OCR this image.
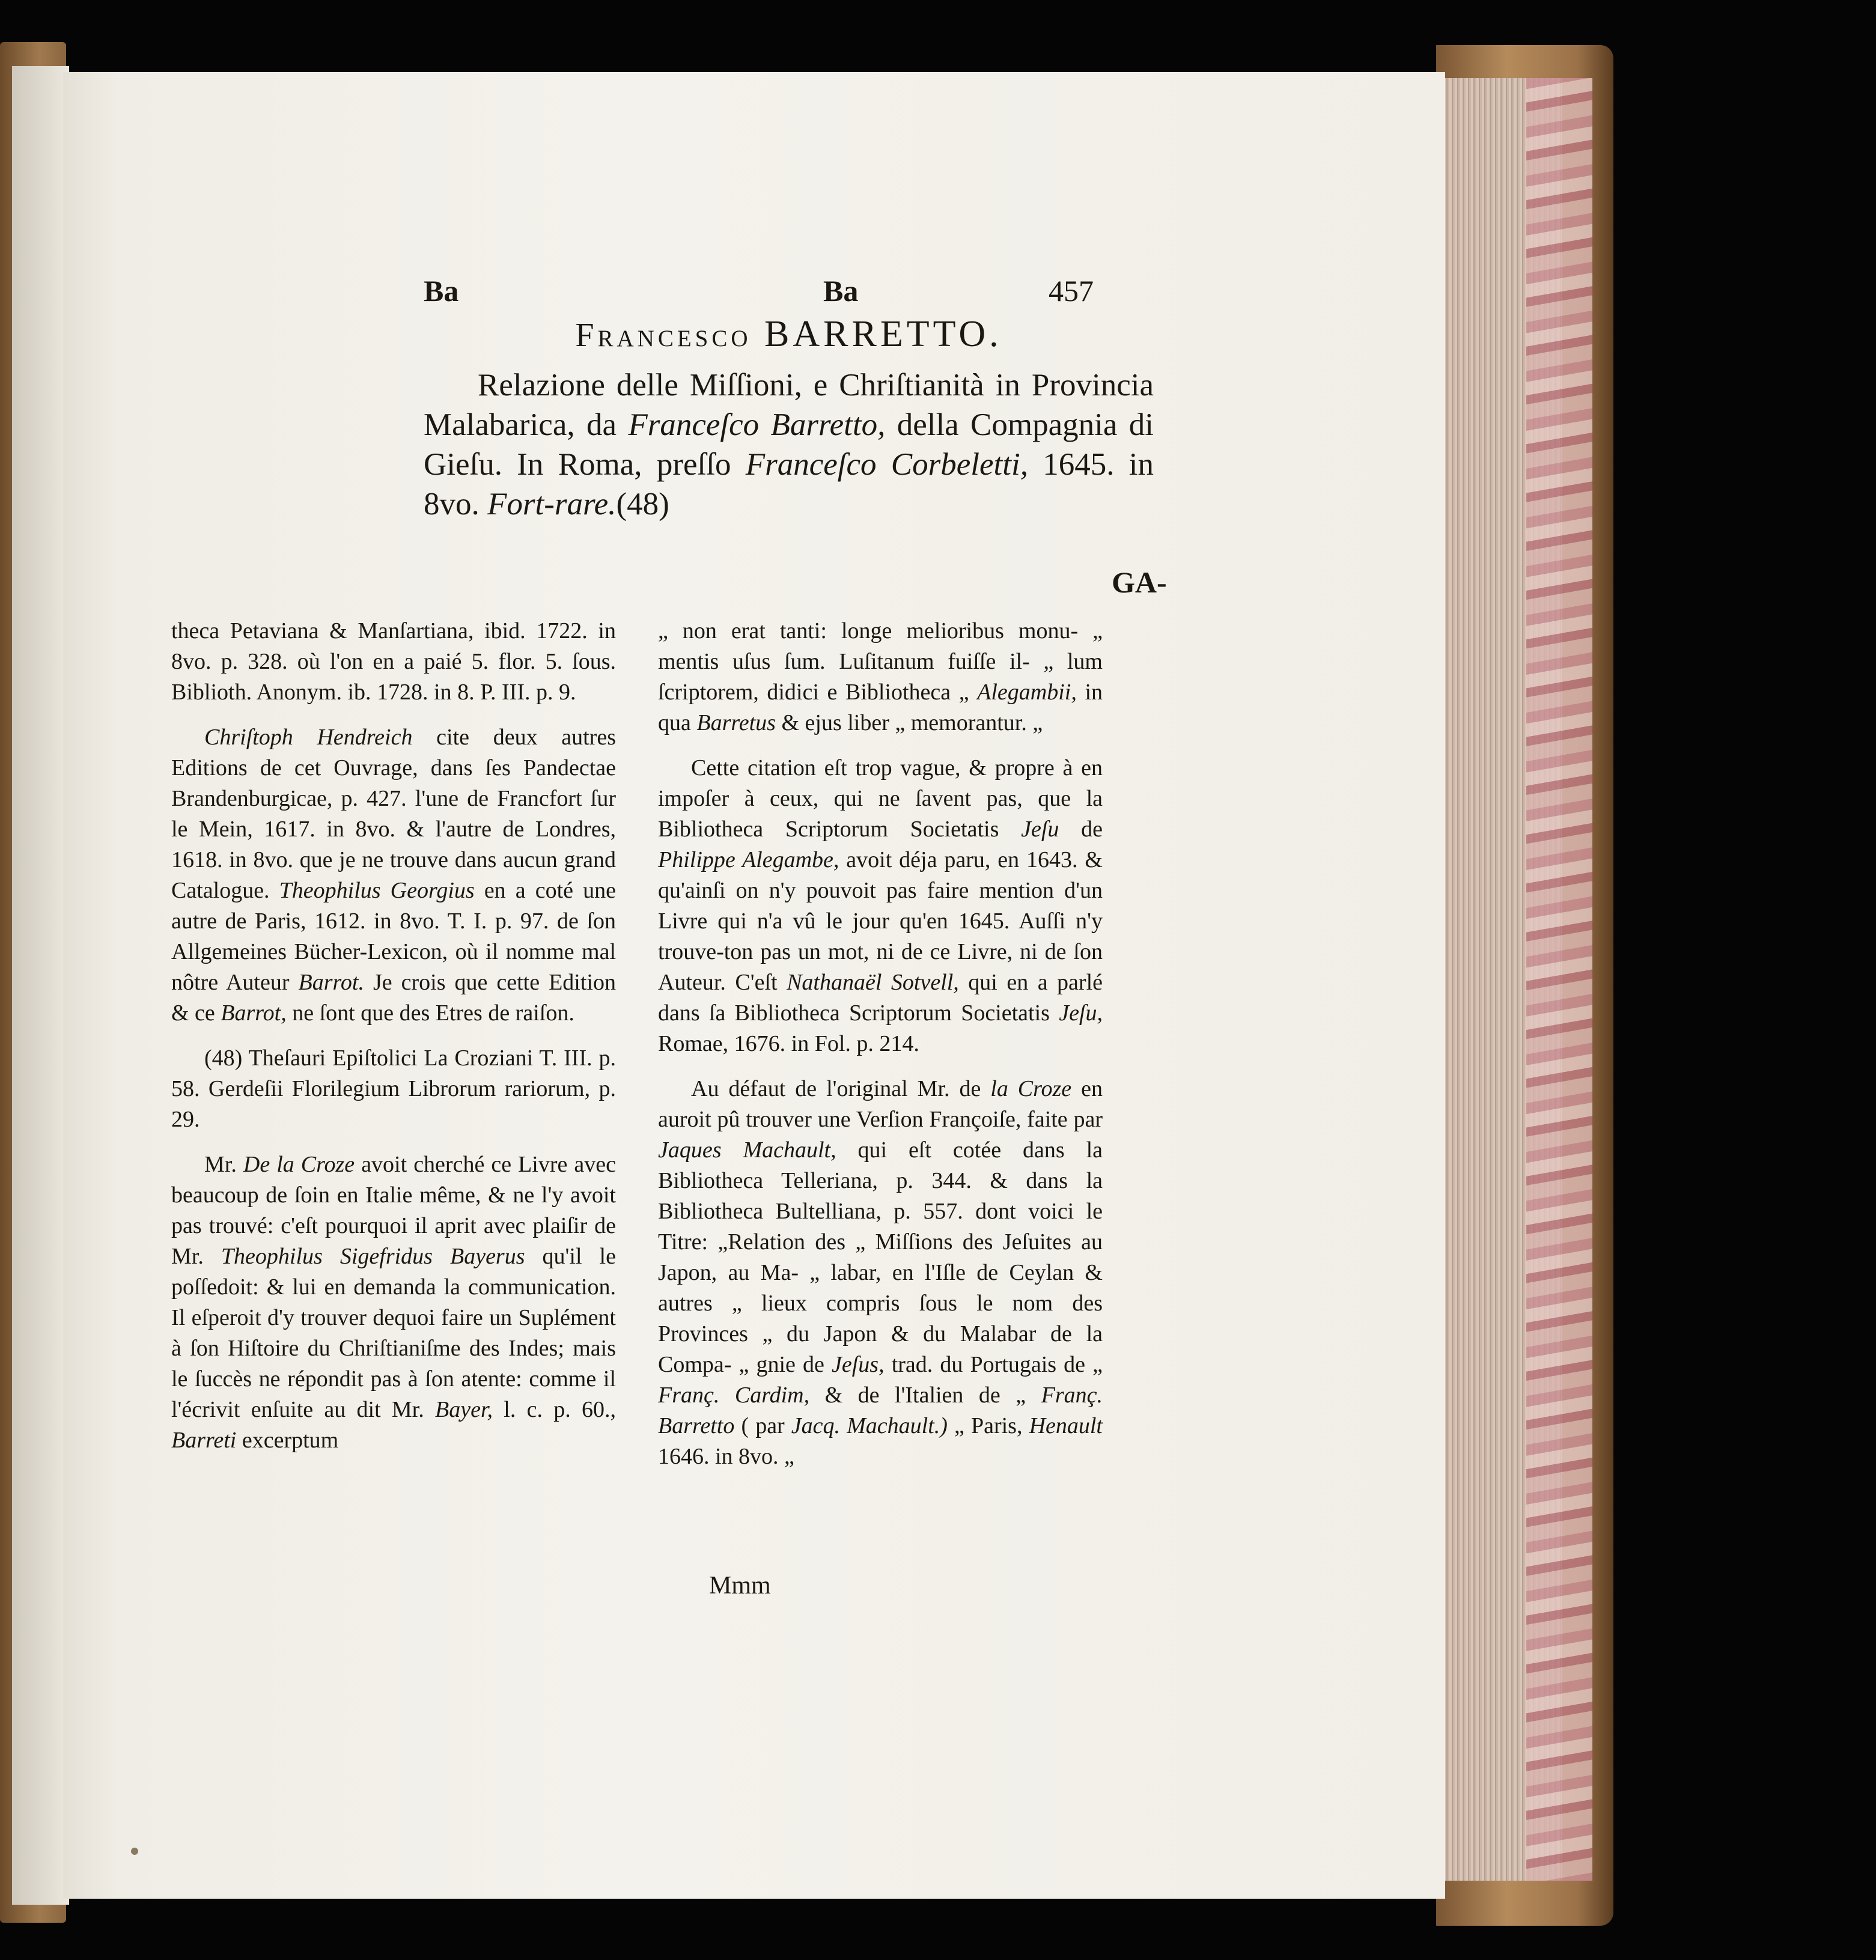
Ba	Ba	457
Francesco BARRETTO.

Relazione delle Miſſioni, e Chriſtianità in Provincia Malabarica, da Franceſco Barretto, della Compagnia di Gieſu. In Roma, preſſo Franceſco Corbeletti, 1645. in 8vo. Fort-rare.(48)

GA-

theca Petaviana & Manſartiana, ibid. 1722. in 8vo. p. 328. où l'on en a paié 5. flor. 5. ſous. Biblioth. Anonym. ib. 1728. in 8. P. III. p. 9.

Chriſtoph Hendreich cite deux autres Editions de cet Ouvrage, dans ſes Pandectae Brandenburgicae, p. 427. l'une de Francfort ſur le Mein, 1617. in 8vo. & l'autre de Londres, 1618. in 8vo. que je ne trouve dans aucun grand Catalogue. Theophilus Georgius en a coté une autre de Paris, 1612. in 8vo. T. I. p. 97. de ſon Allgemeines Bücher-Lexicon, où il nomme mal nôtre Auteur Barrot. Je crois que cette Edition & ce Barrot, ne ſont que des Etres de raiſon.

(48) Theſauri Epiſtolici La Croziani T. III. p. 58. Gerdeſii Florilegium Librorum rariorum, p. 29.

Mr. De la Croze avoit cherché ce Livre avec beaucoup de ſoin en Italie même, & ne l'y avoit pas trouvé: c'eſt pourquoi il aprit avec plaiſir de Mr. Theophilus Sigefridus Bayerus qu'il le poſſedoit: & lui en demanda la communication. Il eſperoit d'y trouver dequoi faire un Suplément à ſon Hiſtoire du Chriſtianiſme des Indes; mais le ſuccès ne répondit pas à ſon atente: comme il l'écrivit enſuite au dit Mr. Bayer, l. c. p. 60., Barreti excerptum

„ non erat tanti: longe melioribus monu- „ mentis uſus ſum. Luſitanum fuiſſe il- „ lum ſcriptorem, didici e Bibliotheca „ Alegambii, in qua Barretus & ejus liber „ memorantur. „

Cette citation eſt trop vague, & propre à en impoſer à ceux, qui ne ſavent pas, que la Bibliotheca Scriptorum Societatis Jeſu de Philippe Alegambe, avoit déja paru, en 1643. & qu'ainſi on n'y pouvoit pas faire mention d'un Livre qui n'a vû le jour qu'en 1645. Auſſi n'y trouve-ton pas un mot, ni de ce Livre, ni de ſon Auteur. C'eſt Nathanaël Sotvell, qui en a parlé dans ſa Bibliotheca Scriptorum Societatis Jeſu, Romae, 1676. in Fol. p. 214.

Au défaut de l'original Mr. de la Croze en auroit pû trouver une Verſion Françoiſe, faite par Jaques Machault, qui eſt cotée dans la Bibliotheca Telleriana, p. 344. & dans la Bibliotheca Bultelliana, p. 557. dont voici le Titre: „Relation des „ Miſſions des Jeſuites au Japon, au Ma- „ labar, en l'Iſle de Ceylan & autres „ lieux compris ſous le nom des Provinces „ du Japon & du Malabar de la Compa- „ gnie de Jeſus, trad. du Portugais de „ Franç. Cardim, & de l'Italien de „ Franç. Barretto ( par Jacq. Machault.) „ Paris, Henault 1646. in 8vo. „

Mmm
